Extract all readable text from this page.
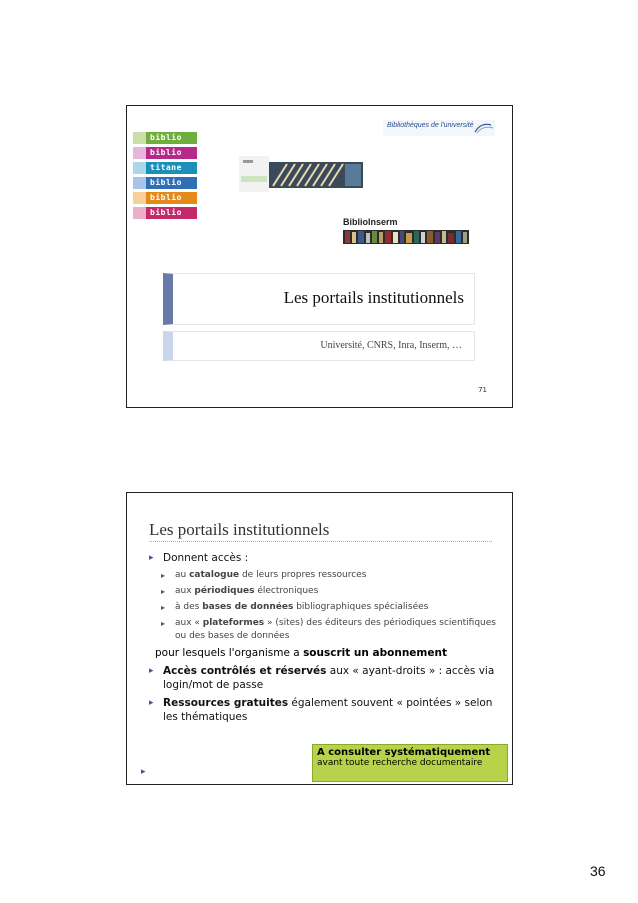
biblio
biblio
titane
biblio
biblio
biblio
Bibliothèques de l'université
BiblioInserm
Les portails institutionnels
Université, CNRS, Inra, Inserm, …
71
Les portails institutionnels
▸ Donnent accès :
▸ au catalogue de leurs propres ressources
▸ aux périodiques électroniques
▸ à des bases de données bibliographiques spécialisées
▸ aux « plateformes » (sites) des éditeurs des périodiques scientifiques ou des bases de données
pour lesquels l'organisme a souscrit un abonnement
▸ Accès contrôlés et réservés aux « ayant-droits » : accès via login/mot de passe
▸ Ressources gratuites également souvent « pointées » selon les thématiques
▸
A consulter systématiquement
avant toute recherche documentaire
36
